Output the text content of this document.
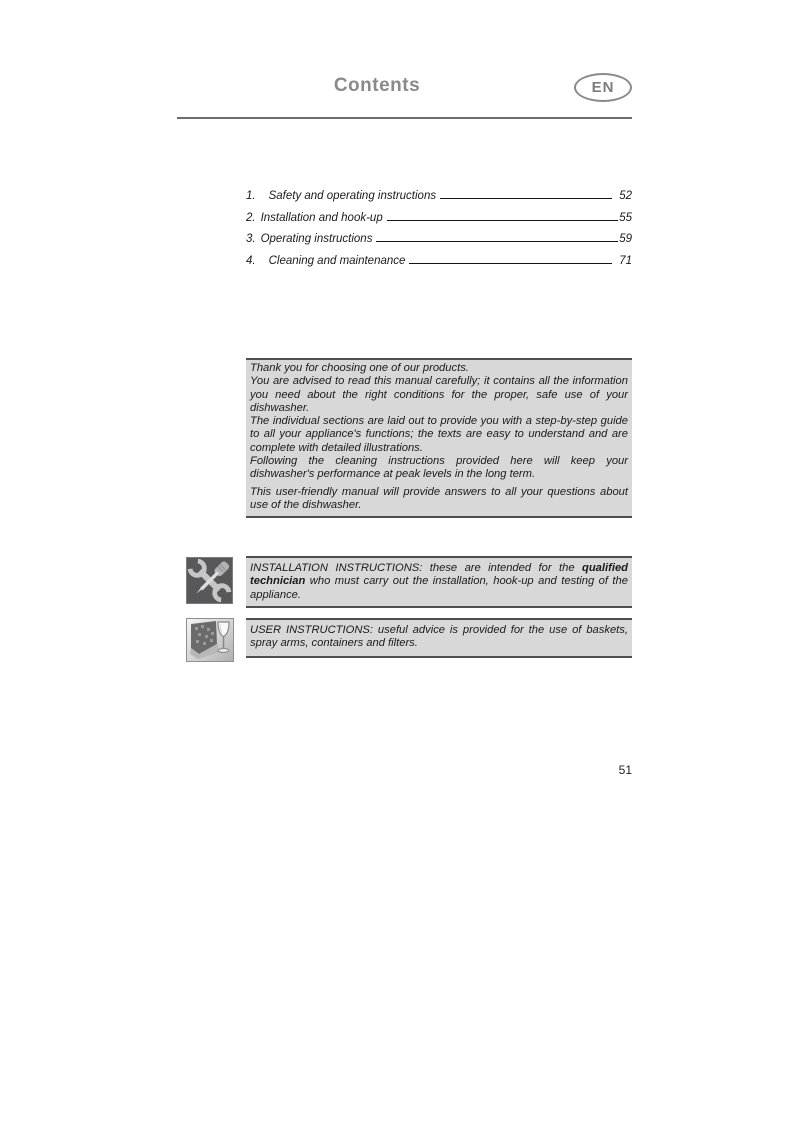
Contents	EN
1. Safety and operating instructions	52
2. Installation and hook-up	55
3. Operating instructions	59
4. Cleaning and maintenance	71

Thank you for choosing one of our products.

You are advised to read this manual carefully; it contains all the information you need about the right conditions for the proper, safe use of your dishwasher.

The individual sections are laid out to provide you with a step-by-step guide to all your appliance's functions; the texts are easy to understand and are complete with detailed illustrations.

Following the cleaning instructions provided here will keep your dishwasher's performance at peak levels in the long term.

This user-friendly manual will provide answers to all your questions about use of the dishwasher.

INSTALLATION INSTRUCTIONS: these are intended for the qualified technician who must carry out the installation, hook-up and testing of the appliance.

USER INSTRUCTIONS: useful advice is provided for the use of baskets, spray arms, containers and filters.

51
